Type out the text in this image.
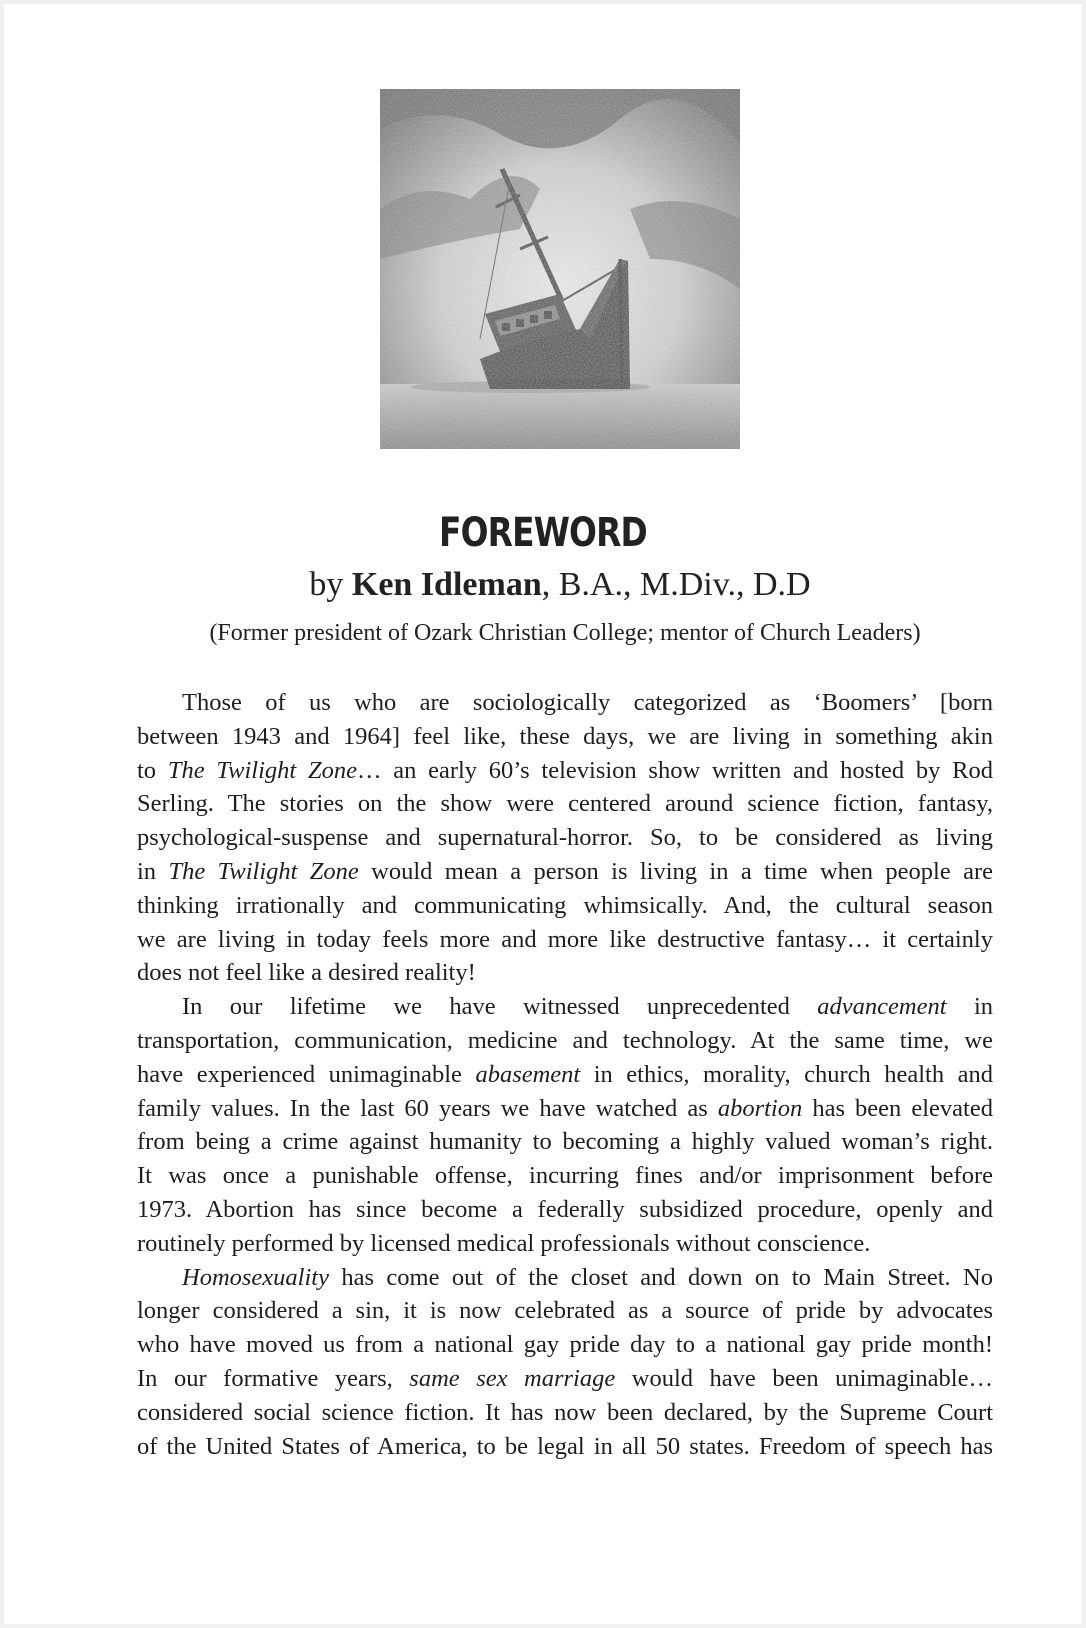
FOREWORD
by Ken Idleman, B.A., M.Div., D.D
(Former president of Ozark Christian College; mentor of Church Leaders)
Those of us who are sociologically categorized as ‘Boomers’ [born
between 1943 and 1964] feel like, these days, we are living in something akin
to The Twilight Zone… an early 60’s television show written and hosted by Rod
Serling. The stories on the show were centered around science fiction, fantasy,
psychological-suspense and supernatural-horror. So, to be considered as living
in The Twilight Zone would mean a person is living in a time when people are
thinking irrationally and communicating whimsically. And, the cultural season
we are living in today feels more and more like destructive fantasy… it certainly
does not feel like a desired reality!
In our lifetime we have witnessed unprecedented advancement in
transportation, communication, medicine and technology. At the same time, we
have experienced unimaginable abasement in ethics, morality, church health and
family values. In the last 60 years we have watched as abortion has been elevated
from being a crime against humanity to becoming a highly valued woman’s right.
It was once a punishable offense, incurring fines and/or imprisonment before
1973. Abortion has since become a federally subsidized procedure, openly and
routinely performed by licensed medical professionals without conscience.
Homosexuality has come out of the closet and down on to Main Street. No
longer considered a sin, it is now celebrated as a source of pride by advocates
who have moved us from a national gay pride day to a national gay pride month!
In our formative years, same sex marriage would have been unimaginable…
considered social science fiction. It has now been declared, by the Supreme Court
of the United States of America, to be legal in all 50 states. Freedom of speech has
